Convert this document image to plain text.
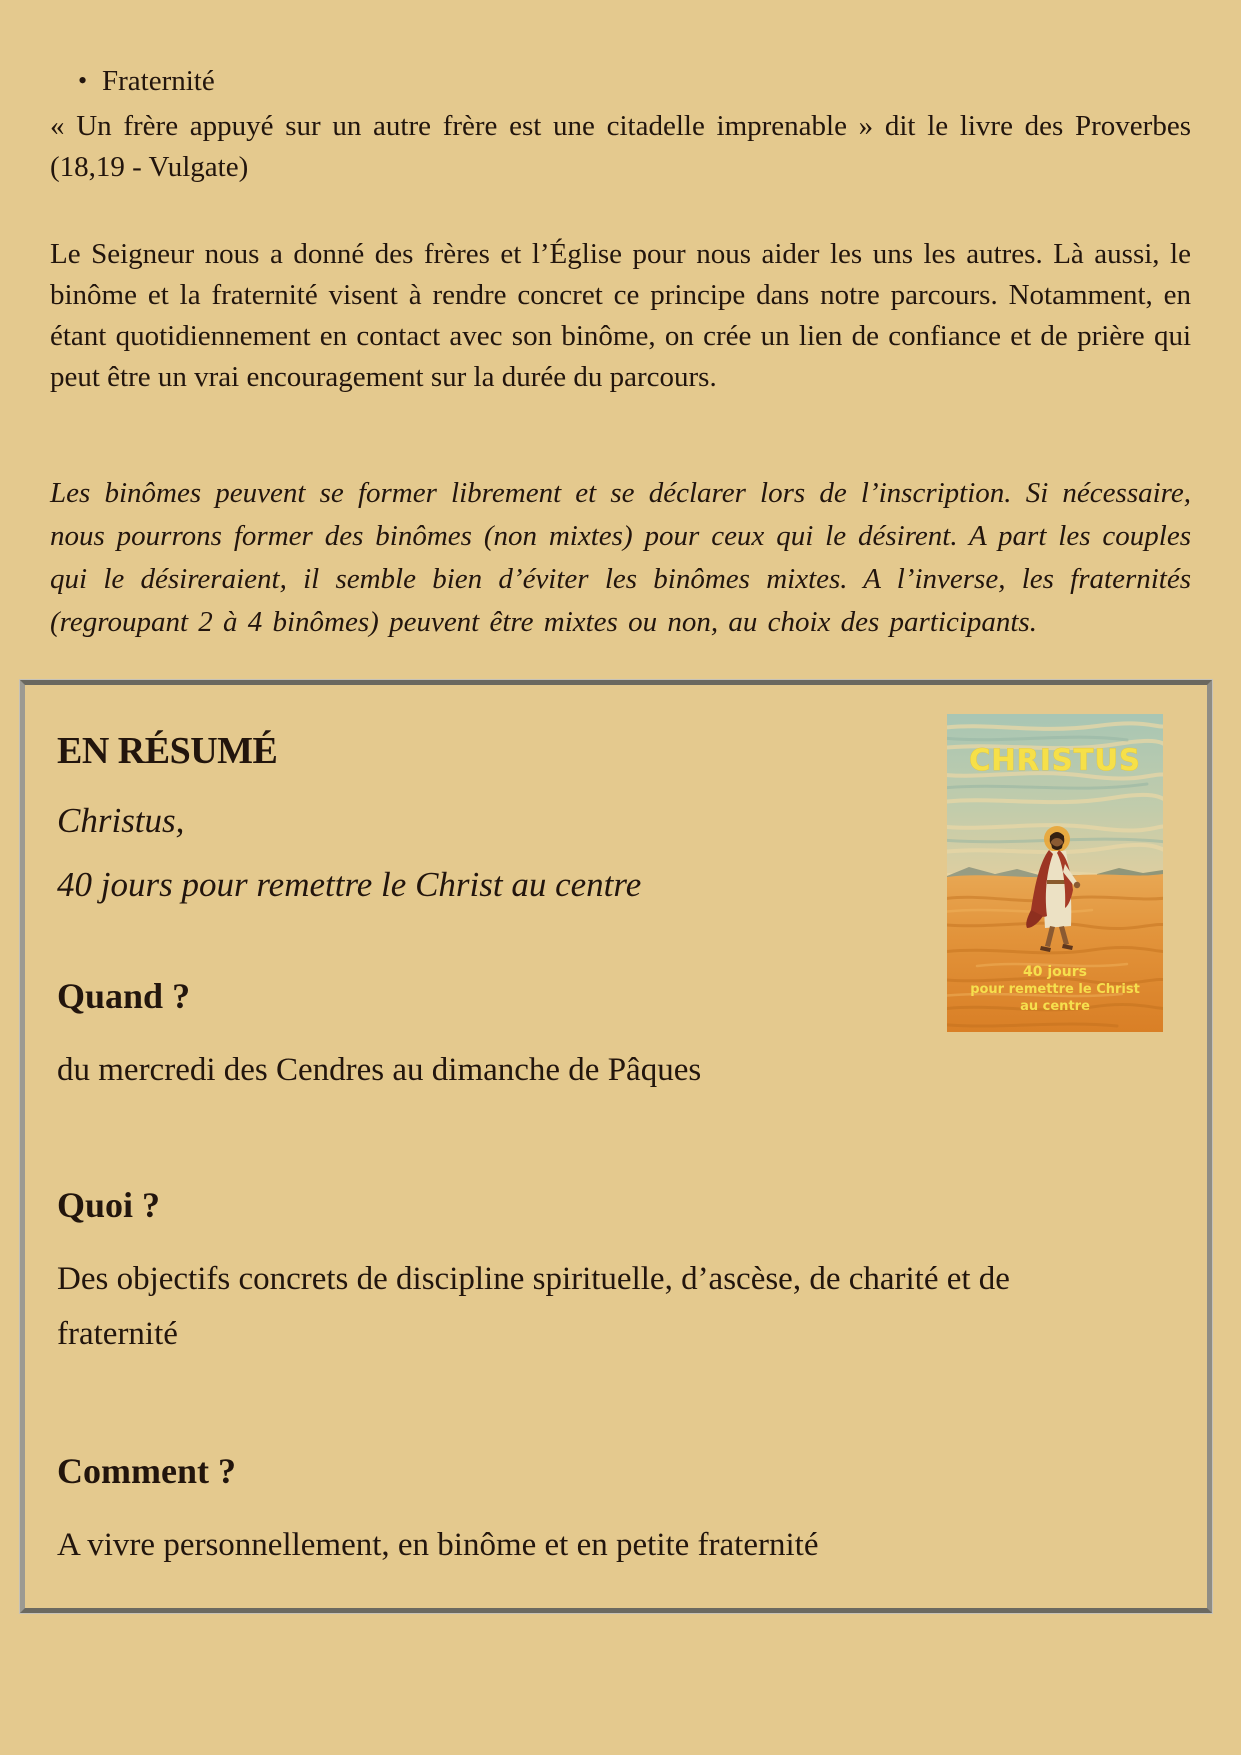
• Fraternité

« Un frère appuyé sur un autre frère est une citadelle imprenable » dit le livre des Proverbes (18,19 - Vulgate)

Le Seigneur nous a donné des frères et l’Église pour nous aider les uns les autres. Là aussi, le binôme et la fraternité visent à rendre concret ce principe dans notre parcours. Notamment, en étant quotidiennement en contact avec son binôme, on crée un lien de confiance et de prière qui peut être un vrai encouragement sur la durée du parcours.

Les binômes peuvent se former librement et se déclarer lors de l’inscription. Si nécessaire, nous pourrons former des binômes (non mixtes) pour ceux qui le désirent. A part les couples qui le désireraient, il semble bien d’éviter les binômes mixtes. A l’inverse, les fraternités (regroupant 2 à 4 binômes) peuvent être mixtes ou non, au choix des participants.

EN RÉSUMÉ

Christus,

40 jours pour remettre le Christ au centre

Quand ?

du mercredi des Cendres au dimanche de Pâques

Quoi ?

Des objectifs concrets de discipline spirituelle, d’ascèse, de charité et de fraternité

Comment ?

A vivre personnellement, en binôme et en petite fraternité

CHRISTUS
40 jours
pour remettre le Christ
au centre
